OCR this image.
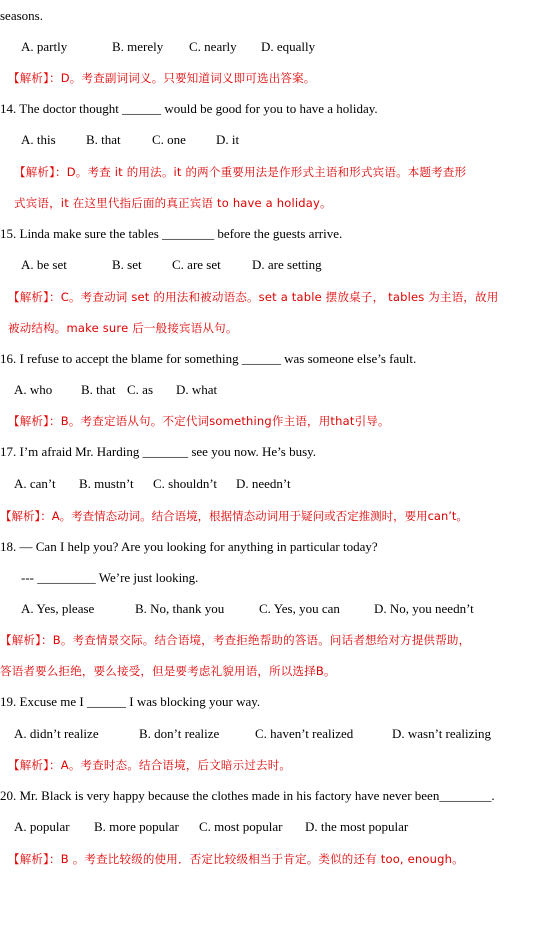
seasons.
A. partly	B. merely C. nearly D. equally
【解析】：D。考查副词词义。只要知道词义即可选出答案。
14. The doctor thought ______ would be good for you to have a holiday.
A. this B. that C. one D. it
【解析】：D。考查 it 的用法。it 的两个重要用法是作形式主语和形式宾语。本题考查形
式宾语，it 在这里代指后面的真正宾语 to have a holiday。
15. Linda make sure the tables ________ before the guests arrive.
A. be set	B. set C. are set D. are setting
【解析】：C。考查动词 set 的用法和被动语态。set a table 摆放桌子， tables 为主语，故用
被动结构。make sure 后一般接宾语从句。
16. I refuse to accept the blame for something ______ was someone else’s fault.
A. who B. that C. as D. what
【解析】：B。考查定语从句。不定代词something作主语，用that引导。
17. I’m afraid Mr. Harding _______ see you now. He’s busy.
A. can’t B. mustn’t C. shouldn’t D. needn’t
【解析】：A。考查情态动词。结合语境，根据情态动词用于疑问或否定推测时，要用can’t。
18. — Can I help you? Are you looking for anything in particular today?
--- _________ We’re just looking.
A. Yes, please	B. No, thank you	C. Yes, you can	D. No, you needn’t
【解析】：B。考查情景交际。结合语境，考查拒绝帮助的答语。问话者想给对方提供帮助，
答语者要么拒绝，要么接受，但是要考虑礼貌用语，所以选择B。
19. Excuse me I ______ I was blocking your way.
A. didn’t realize	B. don’t realize	C. haven’t realized	D. wasn’t realizing
【解析】：A。考查时态。结合语境，后文暗示过去时。
20. Mr. Black is very happy because the clothes made in his factory have never been________.
A. popular B. more popular C. most popular D. the most popular
【解析】：B 。考查比较级的使用．否定比较级相当于肯定。类似的还有 too, enough。
